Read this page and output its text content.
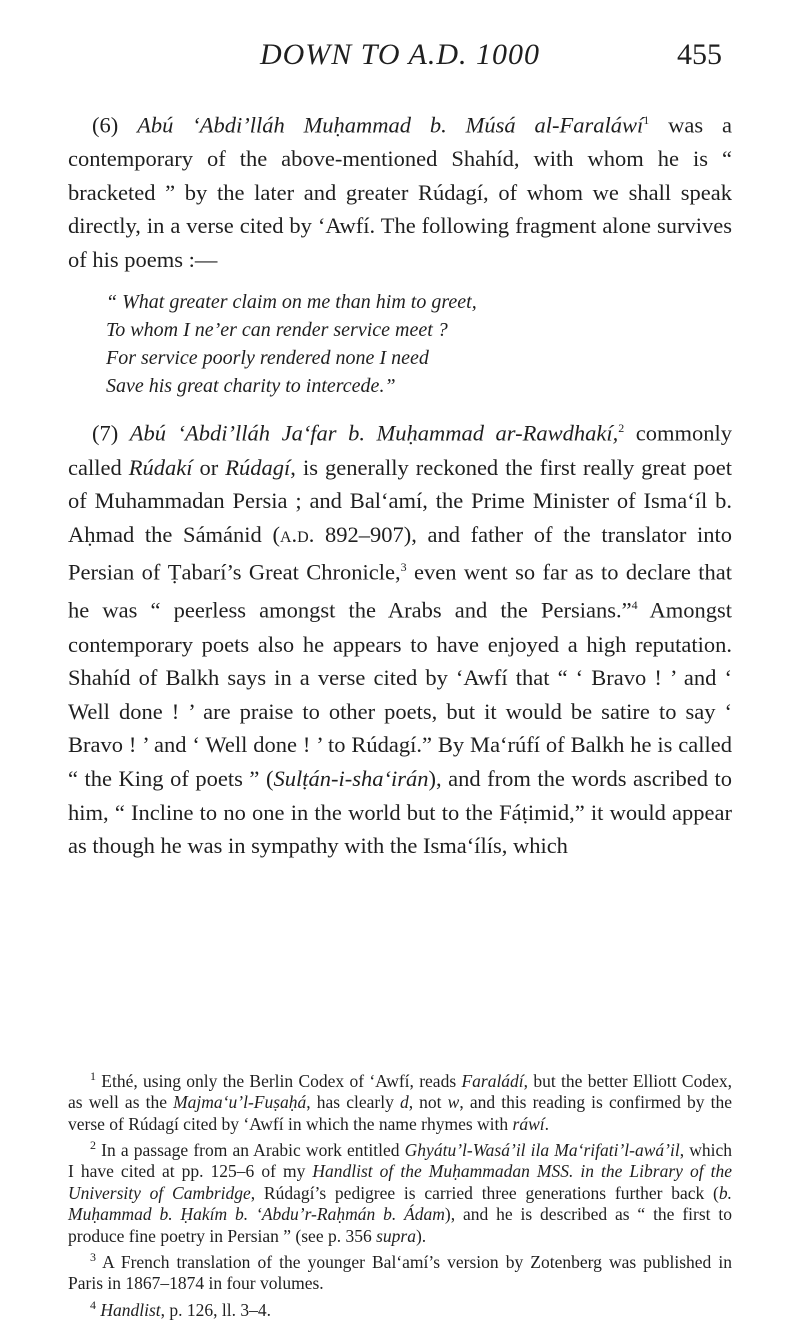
DOWN TO A.D. 1000	455

(6) Abú ‘Abdi’lláh Muḥammad b. Músá al-Faraláwí$^1$ was a contemporary of the above-mentioned Shahíd, with whom he is “ bracketed ” by the later and greater Rúdagí, of whom we shall speak directly, in a verse cited by ‘Awfí. The following fragment alone survives of his poems :—

“ What greater claim on me than him to greet,
To whom I ne’er can render service meet ?
For service poorly rendered none I need
Save his great charity to intercede.”

(7) Abú ‘Abdi’lláh Ja‘far b. Muḥammad ar-Rawdhakí,$^2$ commonly called Rúdakí or Rúdagí, is generally reckoned the first really great poet of Muhammadan Persia ; and Bal‘amí, the Prime Minister of Isma‘íl b. Aḥmad the Sámánid (a.d. 892–907), and father of the translator into Persian of Ṭabarí’s Great Chronicle,$^3$ even went so far as to declare that he was “ peerless amongst the Arabs and the Persians.”$^4$ Amongst contemporary poets also he appears to have enjoyed a high reputation. Shahíd of Balkh says in a verse cited by ‘Awfí that “ ‘ Bravo ! ’ and ‘ Well done ! ’ are praise to other poets, but it would be satire to say ‘ Bravo ! ’ and ‘ Well done ! ’ to Rúdagí.” By Ma‘rúfí of Balkh he is called “ the King of poets ” (Sulṭán-i-sha‘irán), and from the words ascribed to him, “ Incline to no one in the world but to the Fáṭimid,” it would appear as though he was in sympathy with the Isma‘ílís, which

$^1$ Ethé, using only the Berlin Codex of ‘Awfí, reads Faraládí, but the better Elliott Codex, as well as the Majma‘u’l-Fuṣaḥá, has clearly d, not w, and this reading is confirmed by the verse of Rúdagí cited by ‘Awfí in which the name rhymes with ráwí.

$^2$ In a passage from an Arabic work entitled Ghyátu’l-Wasá’il ila Ma‘rifati’l-awá’il, which I have cited at pp. 125–6 of my Handlist of the Muḥammadan MSS. in the Library of the University of Cambridge, Rúdagí’s pedigree is carried three generations further back (b. Muḥammad b. Ḥakím b. ‘Abdu’r-Raḥmán b. Ádam), and he is described as “ the first to produce fine poetry in Persian ” (see p. 356 supra).

$^3$ A French translation of the younger Bal‘amí’s version by Zotenberg was published in Paris in 1867–1874 in four volumes.

$^4$ Handlist, p. 126, ll. 3–4.
